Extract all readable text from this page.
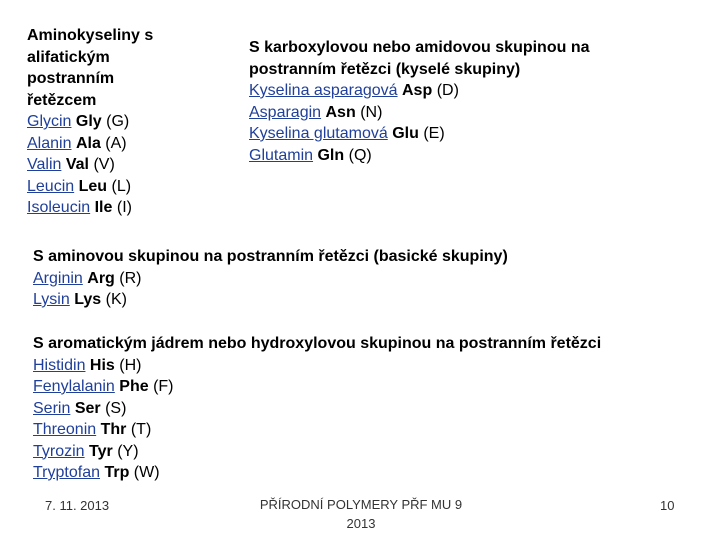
Aminokyseliny s alifatickým postranním řetězcem
Glycin Gly (G)
Alanin Ala (A)
Valin Val (V)
Leucin Leu (L)
Isoleucin Ile (I)
S karboxylovou nebo amidovou skupinou na postranním řetězci (kyselé skupiny)
Kyselina asparagová Asp (D)
Asparagin Asn (N)
Kyselina glutamová Glu (E)
Glutamin Gln (Q)
S aminovou skupinou na postranním řetězci (basické skupiny)
Arginin Arg (R)
Lysin Lys (K)
S aromatickým jádrem nebo hydroxylovou skupinou na postranním řetězci
Histidin His (H)
Fenylalanin Phe (F)
Serin Ser (S)
Threonin Thr (T)
Tyrozin Tyr (Y)
Tryptofan Trp (W)
7. 11. 2013	PŘÍRODNÍ POLYMERY PŘF MU 9 2013
10
